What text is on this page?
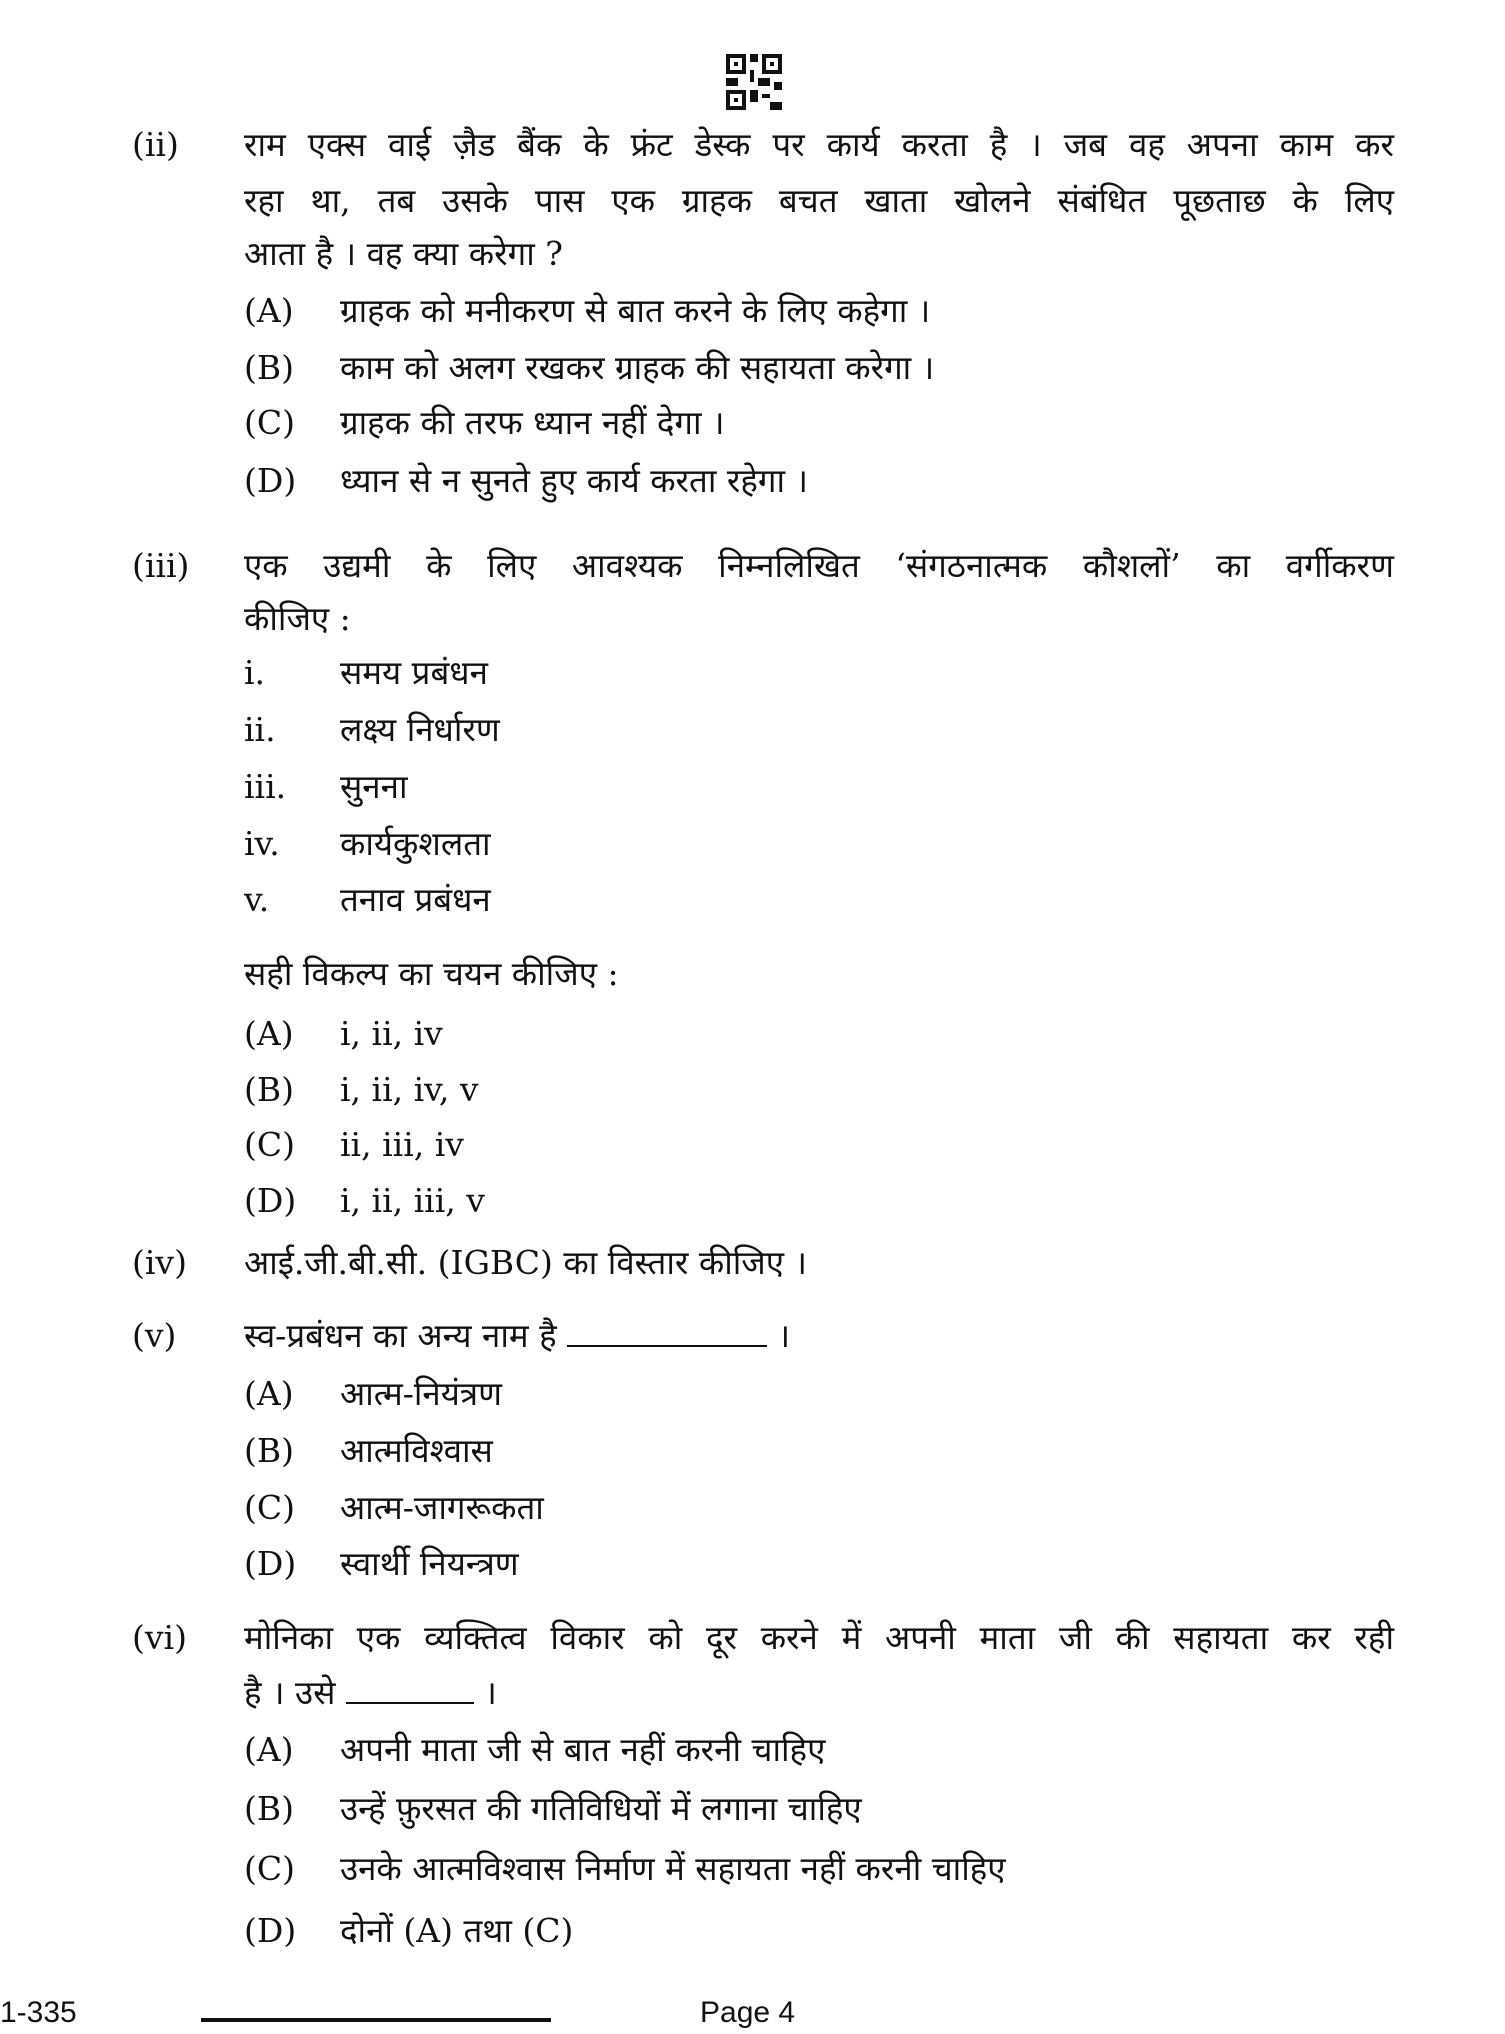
(ii) राम एक्स वाई ज़ैड बैंक के फ्रंट डेस्क पर कार्य करता है । जब वह अपना काम कर
रहा था, तब उसके पास एक ग्राहक बचत खाता खोलने संबंधित पूछताछ के लिए
आता है । वह क्या करेगा ?
(A) ग्राहक को मनीकरण से बात करने के लिए कहेगा ।
(B) काम को अलग रखकर ग्राहक की सहायता करेगा ।
(C) ग्राहक की तरफ ध्यान नहीं देगा ।
(D) ध्यान से न सुनते हुए कार्य करता रहेगा ।
(iii) एक उद्यमी के लिए आवश्यक निम्नलिखित ‘संगठनात्मक कौशलों’ का वर्गीकरण
कीजिए :
i. समय प्रबंधन
ii. लक्ष्य निर्धारण
iii. सुनना
iv. कार्यकुशलता
v. तनाव प्रबंधन
सही विकल्प का चयन कीजिए :
(A) i, ii, iv
(B) i, ii, iv, v
(C) ii, iii, iv
(D) i, ii, iii, v
(iv) आई.जी.बी.सी. (IGBC) का विस्तार कीजिए ।
(v) स्व-प्रबंधन का अन्य नाम है	।
(A) आत्म-नियंत्रण
(B) आत्मविश्वास
(C) आत्म-जागरूकता
(D) स्वार्थी नियन्त्रण
(vi) मोनिका एक व्यक्तित्व विकार को दूर करने में अपनी माता जी की सहायता कर रही
है । उसे	।
(A) अपनी माता जी से बात नहीं करनी चाहिए
(B) उन्हें फ़ुरसत की गतिविधियों में लगाना चाहिए
(C) उनके आत्मविश्वास निर्माण में सहायता नहीं करनी चाहिए
(D) दोनों (A) तथा (C)
1-335	Page 4
